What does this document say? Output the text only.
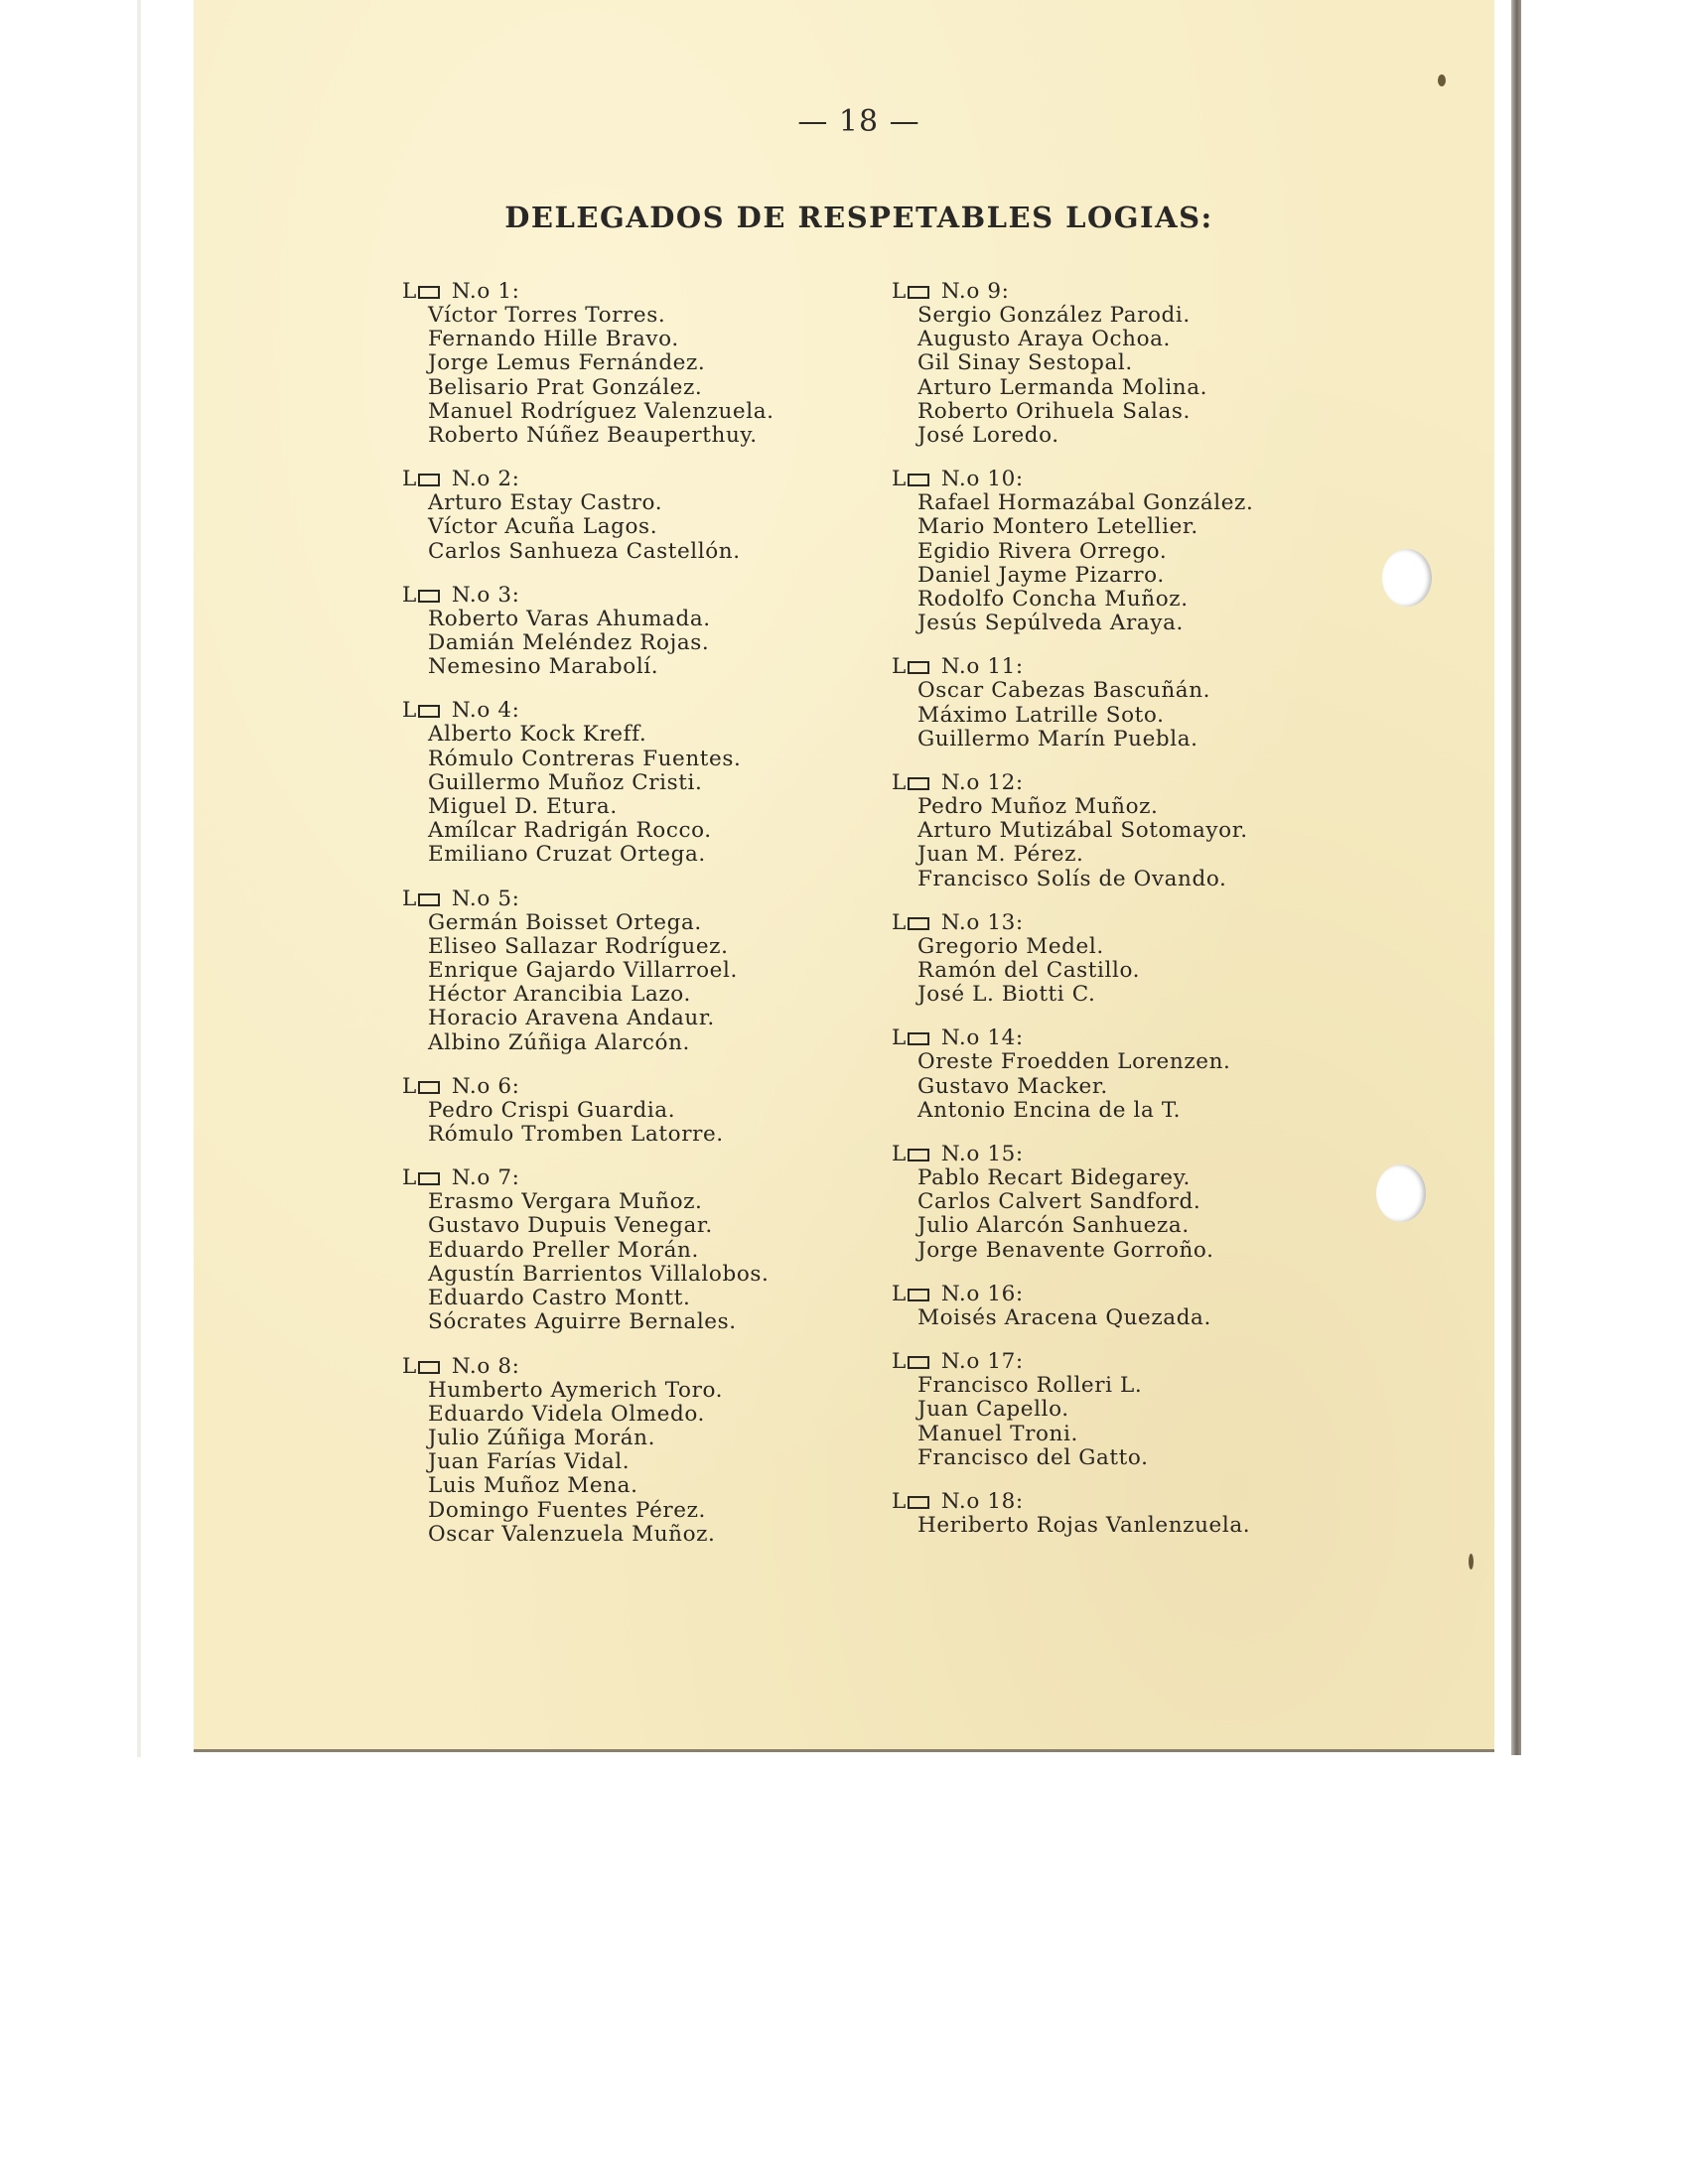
— 18 —
DELEGADOS DE RESPETABLES LOGIAS:
L N.o 1:
Víctor Torres Torres.
Fernando Hille Bravo.
Jorge Lemus Fernández.
Belisario Prat González.
Manuel Rodríguez Valenzuela.
Roberto Núñez Beauperthuy.
L N.o 2:
Arturo Estay Castro.
Víctor Acuña Lagos.
Carlos Sanhueza Castellón.
L N.o 3:
Roberto Varas Ahumada.
Damián Meléndez Rojas.
Nemesino Marabolí.
L N.o 4:
Alberto Kock Kreff.
Rómulo Contreras Fuentes.
Guillermo Muñoz Cristi.
Miguel D. Etura.
Amílcar Radrigán Rocco.
Emiliano Cruzat Ortega.
L N.o 5:
Germán Boisset Ortega.
Eliseo Sallazar Rodríguez.
Enrique Gajardo Villarroel.
Héctor Arancibia Lazo.
Horacio Aravena Andaur.
Albino Zúñiga Alarcón.
L N.o 6:
Pedro Crispi Guardia.
Rómulo Tromben Latorre.
L N.o 7:
Erasmo Vergara Muñoz.
Gustavo Dupuis Venegar.
Eduardo Preller Morán.
Agustín Barrientos Villalobos.
Eduardo Castro Montt.
Sócrates Aguirre Bernales.
L N.o 8:
Humberto Aymerich Toro.
Eduardo Videla Olmedo.
Julio Zúñiga Morán.
Juan Farías Vidal.
Luis Muñoz Mena.
Domingo Fuentes Pérez.
Oscar Valenzuela Muñoz.
L N.o 9:
Sergio González Parodi.
Augusto Araya Ochoa.
Gil Sinay Sestopal.
Arturo Lermanda Molina.
Roberto Orihuela Salas.
José Loredo.
L N.o 10:
Rafael Hormazábal González.
Mario Montero Letellier.
Egidio Rivera Orrego.
Daniel Jayme Pizarro.
Rodolfo Concha Muñoz.
Jesús Sepúlveda Araya.
L N.o 11:
Oscar Cabezas Bascuñán.
Máximo Latrille Soto.
Guillermo Marín Puebla.
L N.o 12:
Pedro Muñoz Muñoz.
Arturo Mutizábal Sotomayor.
Juan M. Pérez.
Francisco Solís de Ovando.
L N.o 13:
Gregorio Medel.
Ramón del Castillo.
José L. Biotti C.
L N.o 14:
Oreste Froedden Lorenzen.
Gustavo Macker.
Antonio Encina de la T.
L N.o 15:
Pablo Recart Bidegarey.
Carlos Calvert Sandford.
Julio Alarcón Sanhueza.
Jorge Benavente Gorroño.
L N.o 16:
Moisés Aracena Quezada.
L N.o 17:
Francisco Rolleri L.
Juan Capello.
Manuel Troni.
Francisco del Gatto.
L N.o 18:
Heriberto Rojas Vanlenzuela.
